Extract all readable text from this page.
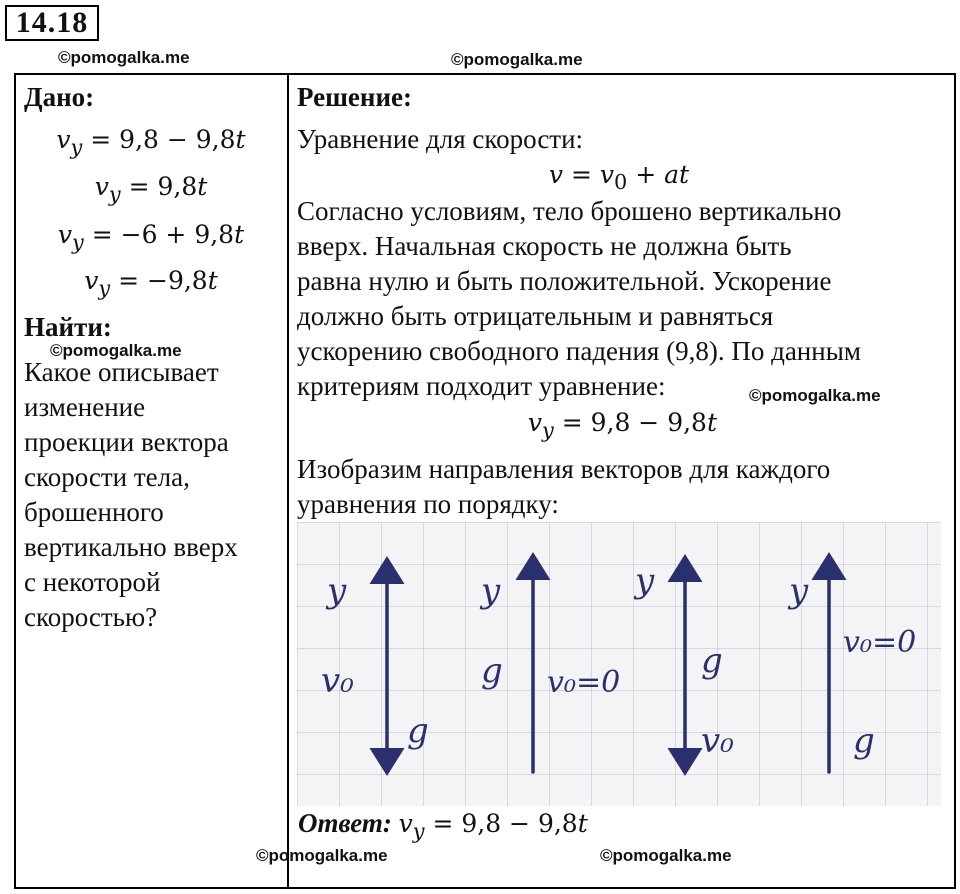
14.18
©pomogalka.me	©pomogalka.me
Дано:
$v_y = 9,8 - 9,8t$
$v_y = 9,8t$
$v_y = -6 + 9,8t$
$v_y = -9,8t$
Найти:
©pomogalka.me
Какое описывает
изменение
проекции вектора
скорости тела,
брошенного
вертикально вверх
с некоторой
скоростью?
Решение:
Уравнение для скорости:
$v = v_0$ + at
Согласно условиям, тело брошено вертикально
вверх. Начальная скорость не должна быть
равна нулю и быть положительной. Ускорение
должно быть отрицательным и равняться
ускорению свободного падения (9,8). По данным
критериям подходит уравнение:	©pomogalka.me
$v_y = 9,8 - 9,8t$
Изобразим направления векторов для каждого
уравнения по порядку:
y
v₀
g
y
g v₀=0
y
g
v₀
y
v₀=0
g
Ответ: $v_y = 9,8 - 9,8t$
©pomogalka.me	©pomogalka.me
